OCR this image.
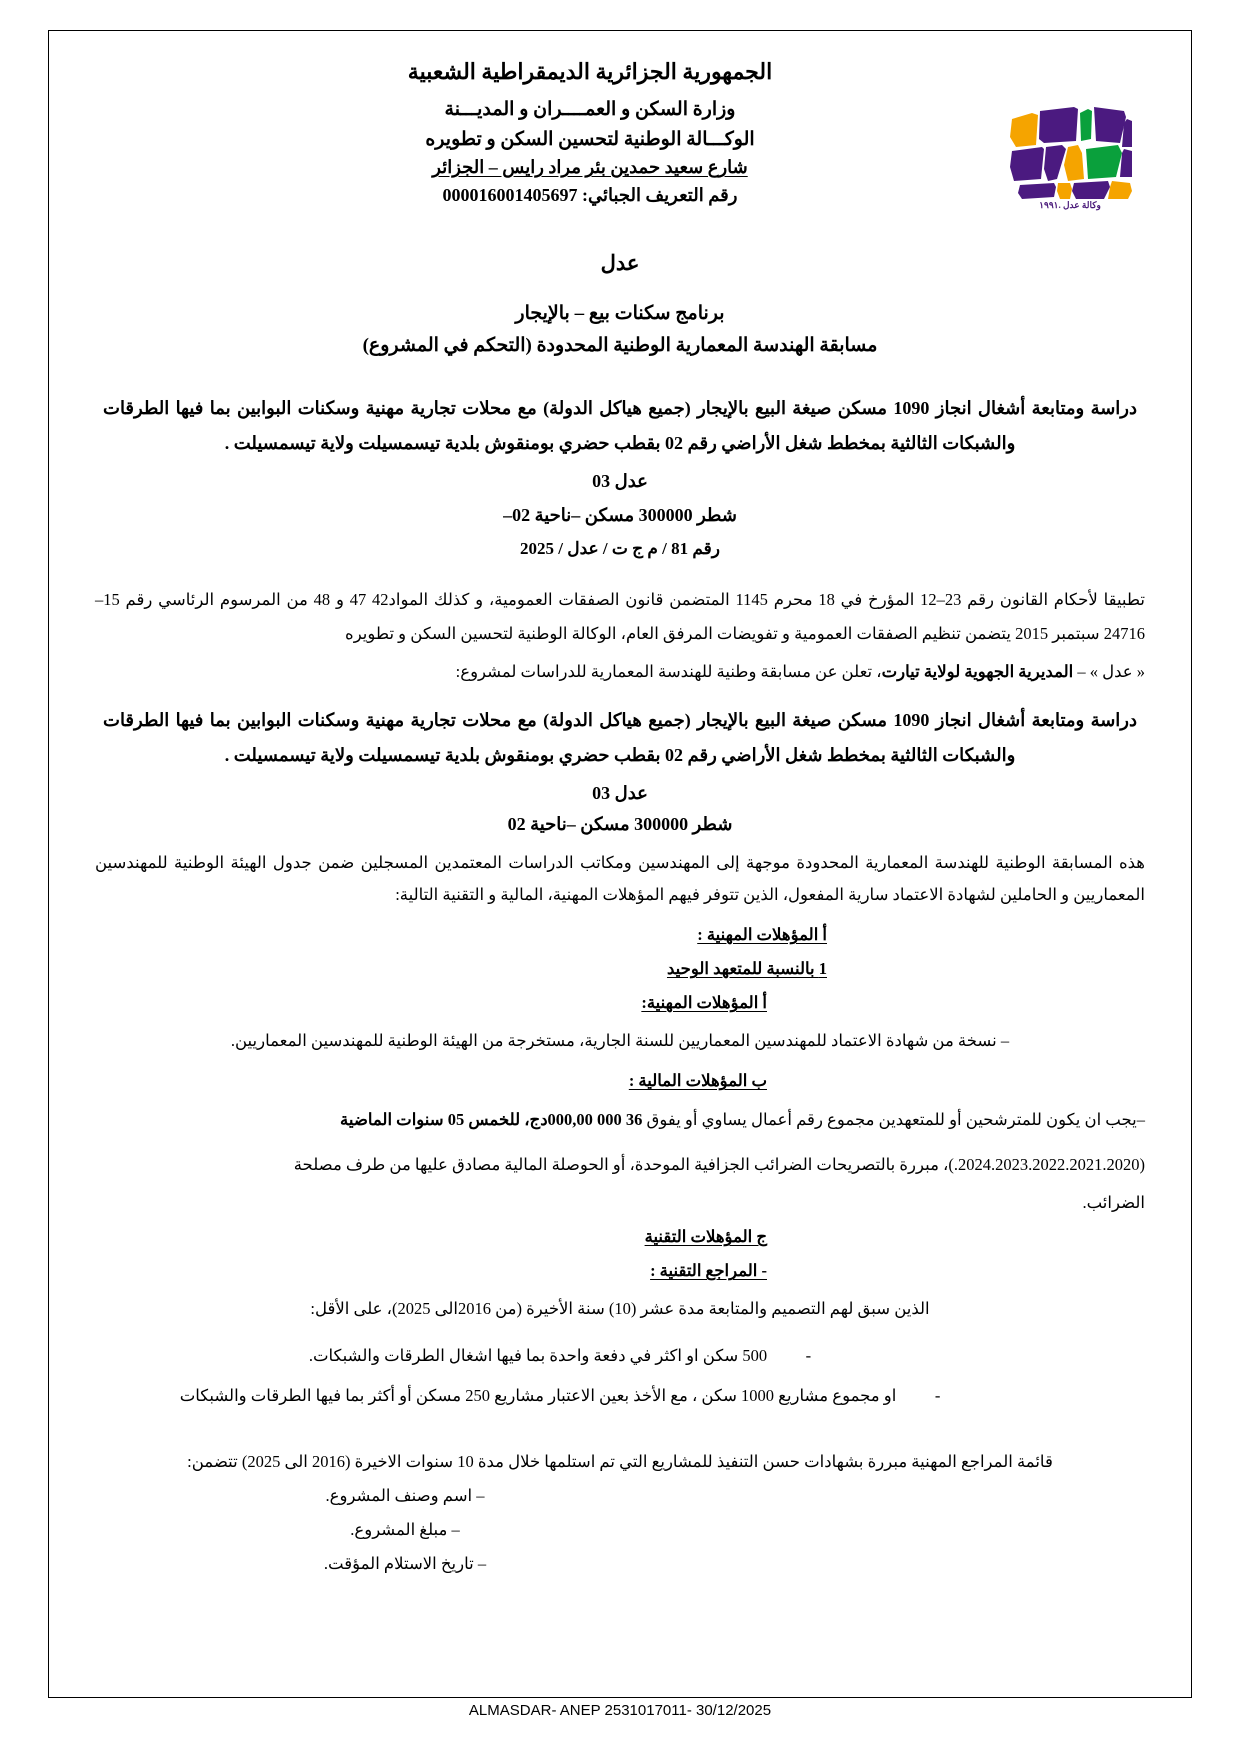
وكالة عدل .١٩٩١
الجمهورية الجزائرية الديمقراطية الشعبية
وزارة السكن و العمــــران و المديـــنة
الوكـــالة الوطنية لتحسين السكن و تطويره
شارع سعيد حمدين بئر مراد رايس – الجزائر
رقم التعريف الجبائي: 000016001405697
عدل
برنامج سكنات بيع – بالإيجار
مسابقة الهندسة المعمارية الوطنية المحدودة (التحكم في المشروع)
دراسة ومتابعة أشغال انجاز 1090 مسكن صيغة البيع بالإيجار (جميع هياكل الدولة) مع محلات تجارية مهنية وسكنات البوابين بما فيها الطرقات والشبكات الثالثية بمخطط شغل الأراضي رقم 02 بقطب حضري بومنقوش بلدية تيسمسيلت ولاية تيسمسيلت .
عدل 03
شطر 300000 مسكن –ناحية 02–
رقم 81 / م ج ت / عدل / 2025
تطبيقا لأحكام القانون رقم 23–12 المؤرخ في 18 محرم 1145 المتضمن قانون الصفقات العمومية، و كذلك المواد42 47 و 48 من المرسوم الرئاسي رقم 15–24716 سبتمبر 2015 يتضمن تنظيم الصفقات العمومية و تفويضات المرفق العام، الوكالة الوطنية لتحسين السكن و تطويره
« عدل » – المديرية الجهوية لولاية تيارت، تعلن عن مسابقة وطنية للهندسة المعمارية للدراسات لمشروع:
دراسة ومتابعة أشغال انجاز 1090 مسكن صيغة البيع بالإيجار (جميع هياكل الدولة) مع محلات تجارية مهنية وسكنات البوابين بما فيها الطرقات والشبكات الثالثية بمخطط شغل الأراضي رقم 02 بقطب حضري بومنقوش بلدية تيسمسيلت ولاية تيسمسيلت .
عدل 03
شطر 300000 مسكن –ناحية 02
هذه المسابقة الوطنية للهندسة المعمارية المحدودة موجهة إلى المهندسين ومكاتب الدراسات المعتمدين المسجلين ضمن جدول الهيئة الوطنية للمهندسين المعماريين و الحاملين لشهادة الاعتماد سارية المفعول، الذين تتوفر فيهم المؤهلات المهنية، المالية و التقنية التالية:
أ المؤهلات المهنية :
1 بالنسبة للمتعهد الوحيد
أ المؤهلات المهنية:
– نسخة من شهادة الاعتماد للمهندسين المعماريين للسنة الجارية، مستخرجة من الهيئة الوطنية للمهندسين المعماريين.
ب المؤهلات المالية :
–يجب ان يكون للمترشحين أو للمتعهدين مجموع رقم أعمال يساوي أو يفوق 36 000 000,00دج، للخمس 05 سنوات الماضية
(2024.2023.2022.2021.2020.)، مبررة بالتصريحات الضرائب الجزافية الموحدة، أو الحوصلة المالية مصادق عليها من طرف مصلحة
الضرائب.
ج المؤهلات التقنية
- المراجع التقنية :
الذين سبق لهم التصميم والمتابعة مدة عشر (10) سنة الأخيرة (من 2016الى 2025)، على الأقل:
-
500 سكن او اكثر في دفعة واحدة بما فيها اشغال الطرقات والشبكات.
-
او مجموع مشاريع 1000 سكن ، مع الأخذ بعين الاعتبار مشاريع 250 مسكن أو أكثر بما فيها الطرقات والشبكات
قائمة المراجع المهنية مبررة بشهادات حسن التنفيذ للمشاريع التي تم استلمها خلال مدة 10 سنوات الاخيرة (2016 الى 2025) تتضمن:
– اسم وصنف المشروع.
– مبلغ المشروع.
– تاريخ الاستلام المؤقت.
ALMASDAR- ANEP 2531017011- 30/12/2025
